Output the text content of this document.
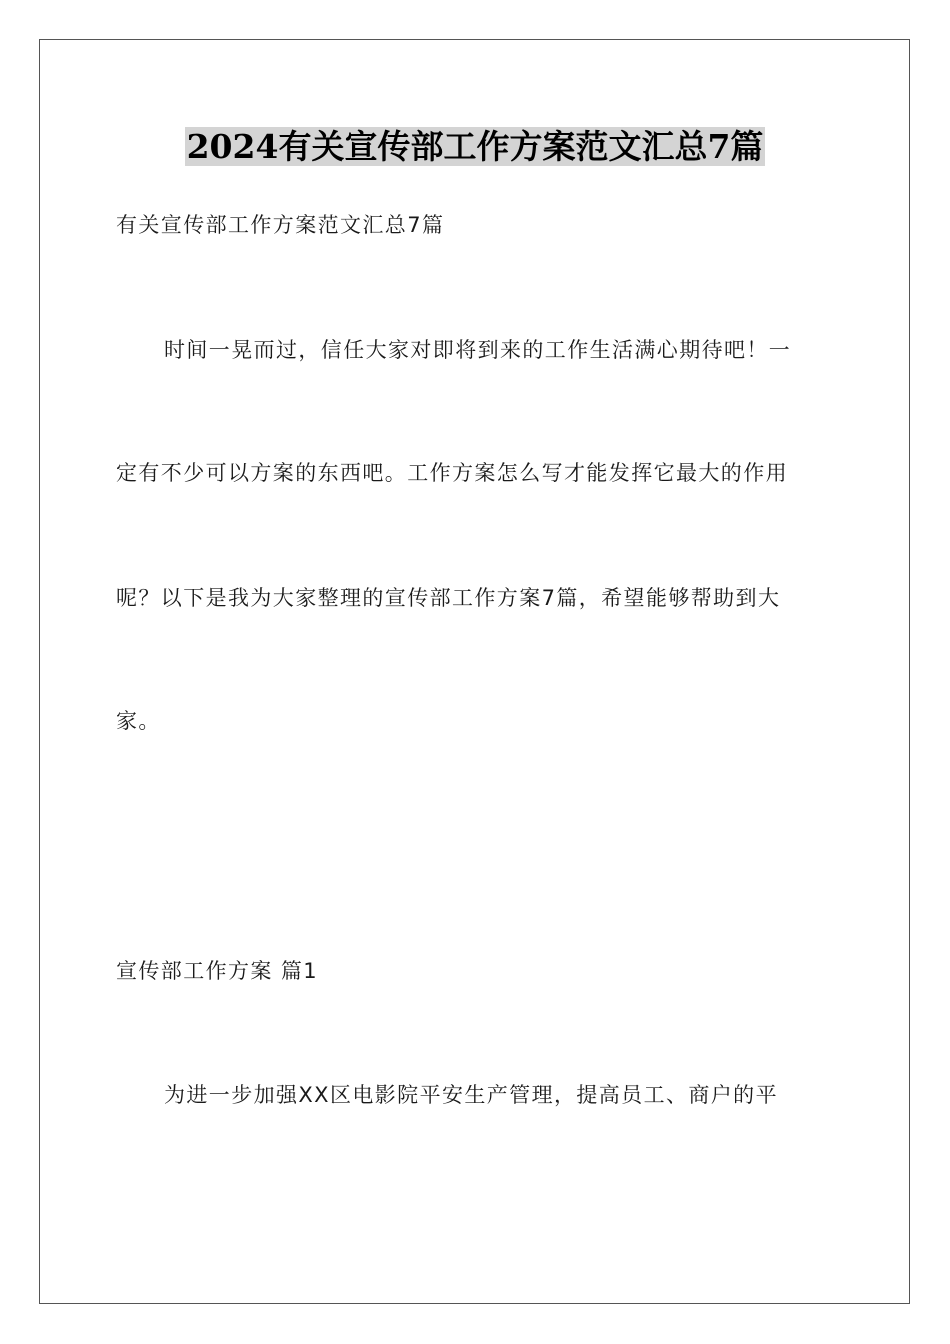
2024有关宣传部工作方案范文汇总7篇

有关宣传部工作方案范文汇总7篇

时间一晃而过，信任大家对即将到来的工作生活满心期待吧！一

定有不少可以方案的东西吧。工作方案怎么写才能发挥它最大的作用

呢？以下是我为大家整理的宣传部工作方案7篇，希望能够帮助到大

家。

宣传部工作方案 篇1

为进一步加强XX区电影院平安生产管理，提高员工、商户的平
